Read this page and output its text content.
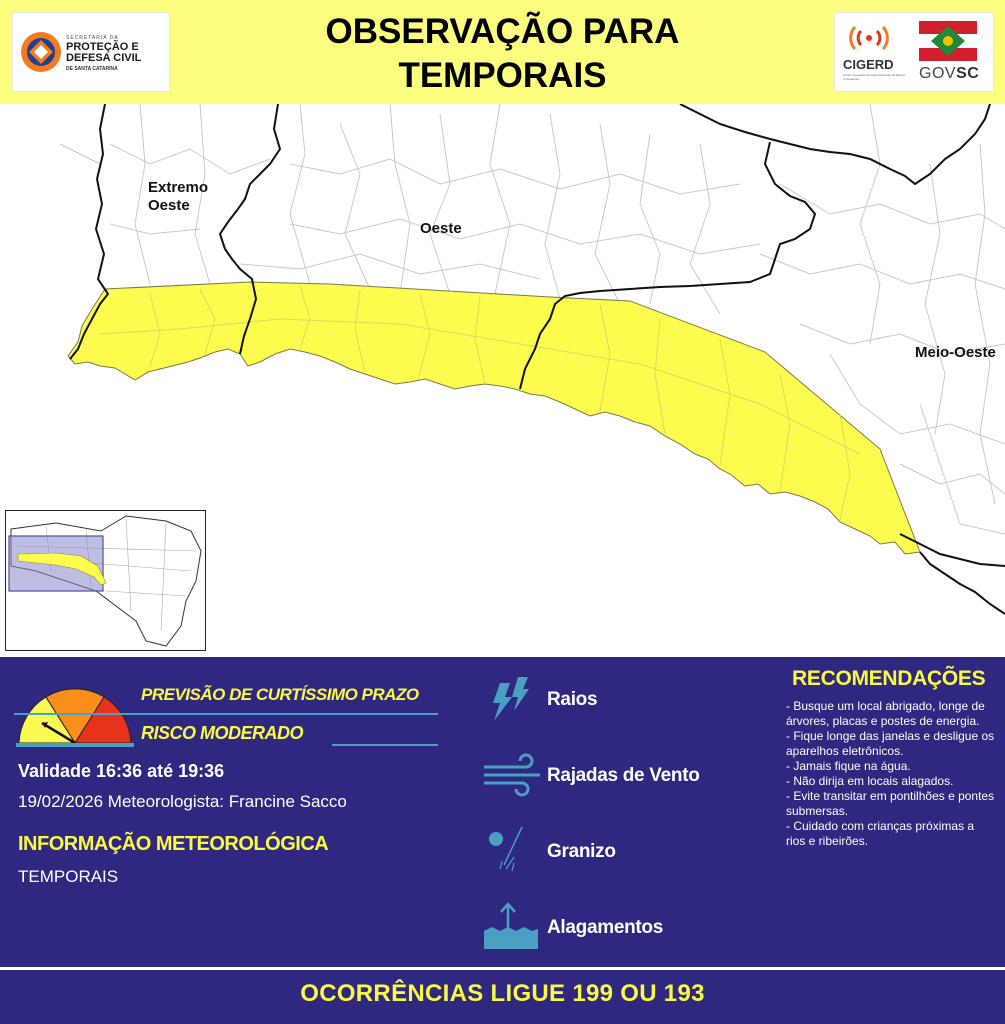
SECRETARIA DA
PROTEÇÃO E
DEFESA CIVIL
DE SANTA CATARINA
OBSERVAÇÃO PARA
TEMPORAIS	CIGERD
Centro Integrado de Gerenciamento de Riscos e Desastres	GOVSC
Extremo Oeste
Oeste
Meio-Oeste
PREVISÃO DE CURTÍSSIMO PRAZO
RISCO MODERADO
Validade 16:36 até 19:36
19/02/2026 Meteorologista: Francine Sacco
INFORMAÇÃO METEOROLÓGICA
TEMPORAIS
Raios
Rajadas de Vento
Granizo
Alagamentos
RECOMENDAÇÕES
- Busque um local abrigado, longe de árvores, placas e postes de energia.
- Fique longe das janelas e desligue os aparelhos eletrônicos.
- Jamais fique na água.
- Não dirija em locais alagados.
- Evite transitar em pontilhões e pontes submersas.
- Cuidado com crianças próximas a rios e ribeirões.
OCORRÊNCIAS LIGUE 199 OU 193
